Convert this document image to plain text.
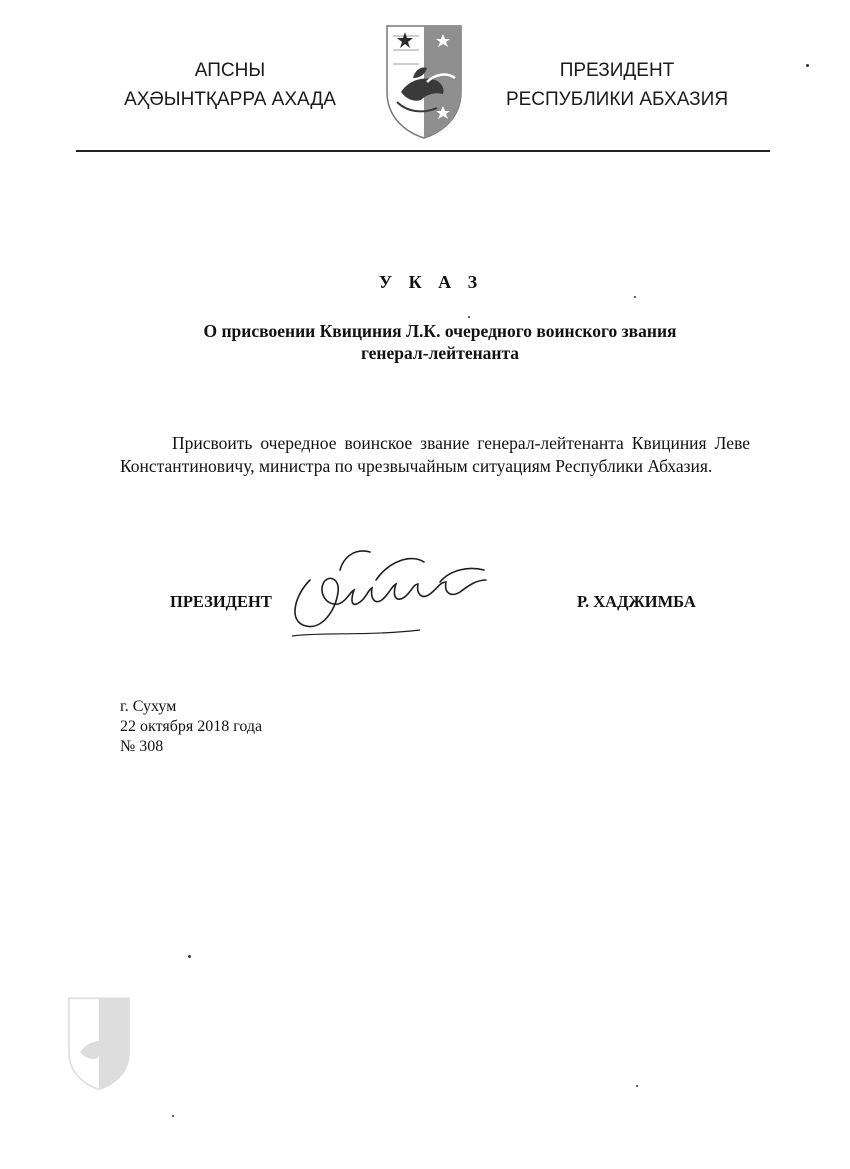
АПСНЫ
АҲӘЫНТҚАРРА АХАДА
ПРЕЗИДЕНТ
РЕСПУБЛИКИ АБХАЗИЯ
У К А З
О присвоении Квициния Л.К. очередного воинского звания
генерал-лейтенанта
Присвоить очередное воинское звание генерал-лейтенанта Квициния Леве Константиновичу, министра по чрезвычайным ситуациям Республики Абхазия.
ПРЕЗИДЕНТ	Р. ХАДЖИМБА
г. Сухум
22 октября 2018 года
№ 308
